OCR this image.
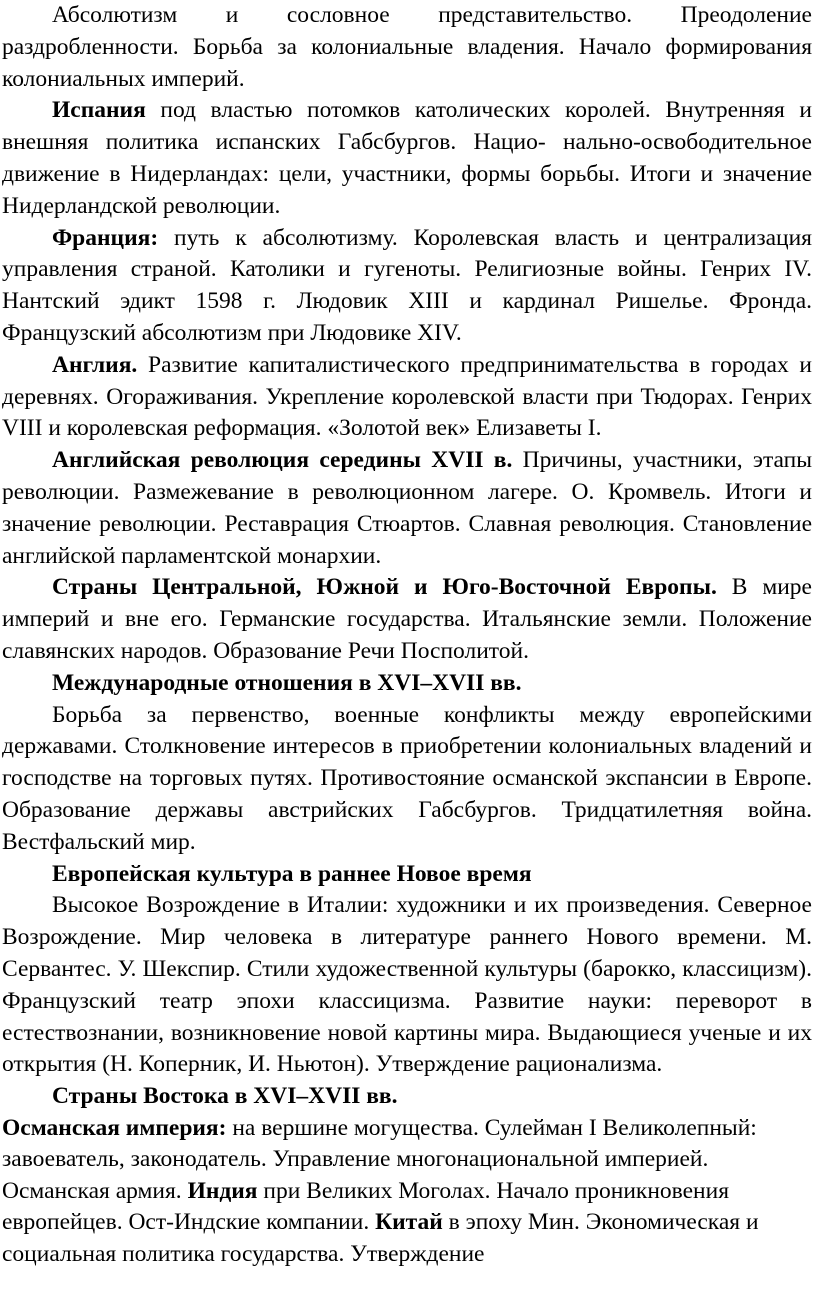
Абсолютизм и сословное представительство. Преодоление раздробленности. Борьба за колониальные владения. Начало формирования колониальных империй.

Испания под властью потомков католических королей. Внутренняя и внешняя политика испанских Габсбургов. Нацио- нально-освободительное движение в Нидерландах: цели, участники, формы борьбы. Итоги и значение Нидерландской революции.

Франция: путь к абсолютизму. Королевская власть и централизация управления страной. Католики и гугеноты. Религиозные войны. Генрих IV. Нантский эдикт 1598 г. Людовик XIII и кардинал Ришелье. Фронда. Французский абсолютизм при Людовике XIV.

Англия. Развитие капиталистического предпринимательства в городах и деревнях. Огораживания. Укрепление королевской власти при Тюдорах. Генрих VIII и королевская реформация. «Золотой век» Елизаветы I.

Английская революция середины XVII в. Причины, участники, этапы революции. Размежевание в революционном лагере. О. Кромвель. Итоги и значение революции. Реставрация Стюартов. Славная революция. Становление английской парламентской монархии.

Страны Центральной, Южной и Юго-Восточной Европы. В мире империй и вне его. Германские государства. Итальянские земли. Положение славянских народов. Образование Речи Посполитой.

Международные отношения в XVI–XVII вв.

Борьба за первенство, военные конфликты между европейскими державами. Столкновение интересов в приобретении колониальных владений и господстве на торговых путях. Противостояние османской экспансии в Европе. Образование державы австрийских Габсбургов. Тридцатилетняя война. Вестфальский мир.

Европейская культура в раннее Новое время

Высокое Возрождение в Италии: художники и их произведения. Северное Возрождение. Мир человека в литературе раннего Нового времени. М. Сервантес. У. Шекспир. Стили художественной культуры (барокко, классицизм). Французский театр эпохи классицизма. Развитие науки: переворот в естествознании, возникновение новой картины мира. Выдающиеся ученые и их открытия (Н. Коперник, И. Ньютон). Утверждение рационализма.

Страны Востока в XVI–XVII вв.

Османская империя: на вершине могущества. Сулейман I Великолепный: завоеватель, законодатель. Управление многонациональной империей. Османская армия. Индия при Великих Моголах. Начало проникновения европейцев. Ост-Индские компании. Китай в эпоху Мин. Экономическая и социальная политика государства. Утверждение
